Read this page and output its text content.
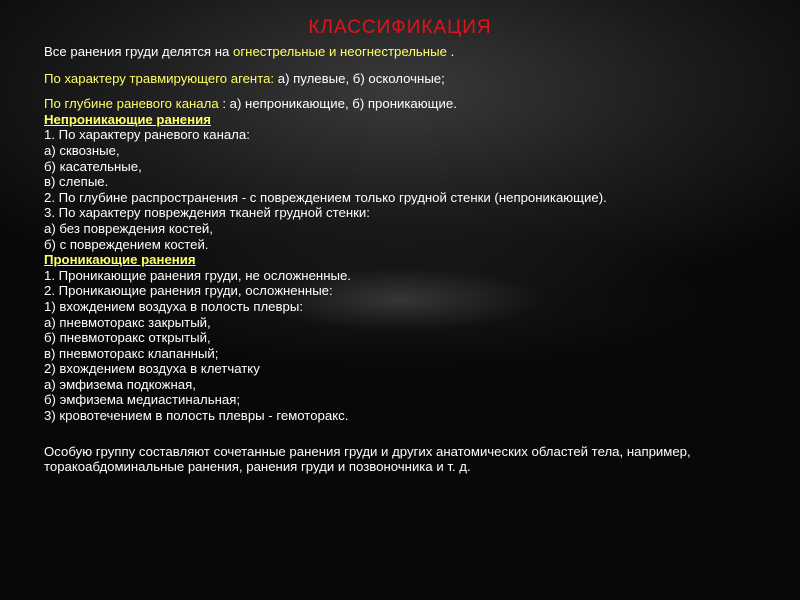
КЛАССИФИКАЦИЯ

Все ранения груди делятся на огнестрельные и неогнестрельные .

По характеру травмирующего агента: а) пулевые, б) осколочные;

По глубине раневого канала : а) непроникающие, б) проникающие.

Непроникающие ранения

1. По характеру раневого канала:

а) сквозные,

б) касательные,

в) слепые.

2. По глубине распространения - с повреждением только грудной стенки (непроникающие).

3. По характеру повреждения тканей грудной стенки:

а) без повреждения костей,

б) с повреждением костей.

Проникающие ранения

1. Проникающие ранения груди, не осложненные.

2. Проникающие ранения груди, осложненные:

1) вхождением воздуха в полость плевры:

а) пневмоторакс закрытый,

б) пневмоторакс открытый,

в) пневмоторакс клапанный;

2) вхождением воздуха в клетчатку

а) эмфизема подкожная,

б) эмфизема медиастинальная;

3) кровотечением в полость плевры - гемоторакс.

Особую группу составляют сочетанные ранения груди и других анатомических областей тела, например, торакоабдоминальные ранения, ранения груди и позвоночника и т. д.
